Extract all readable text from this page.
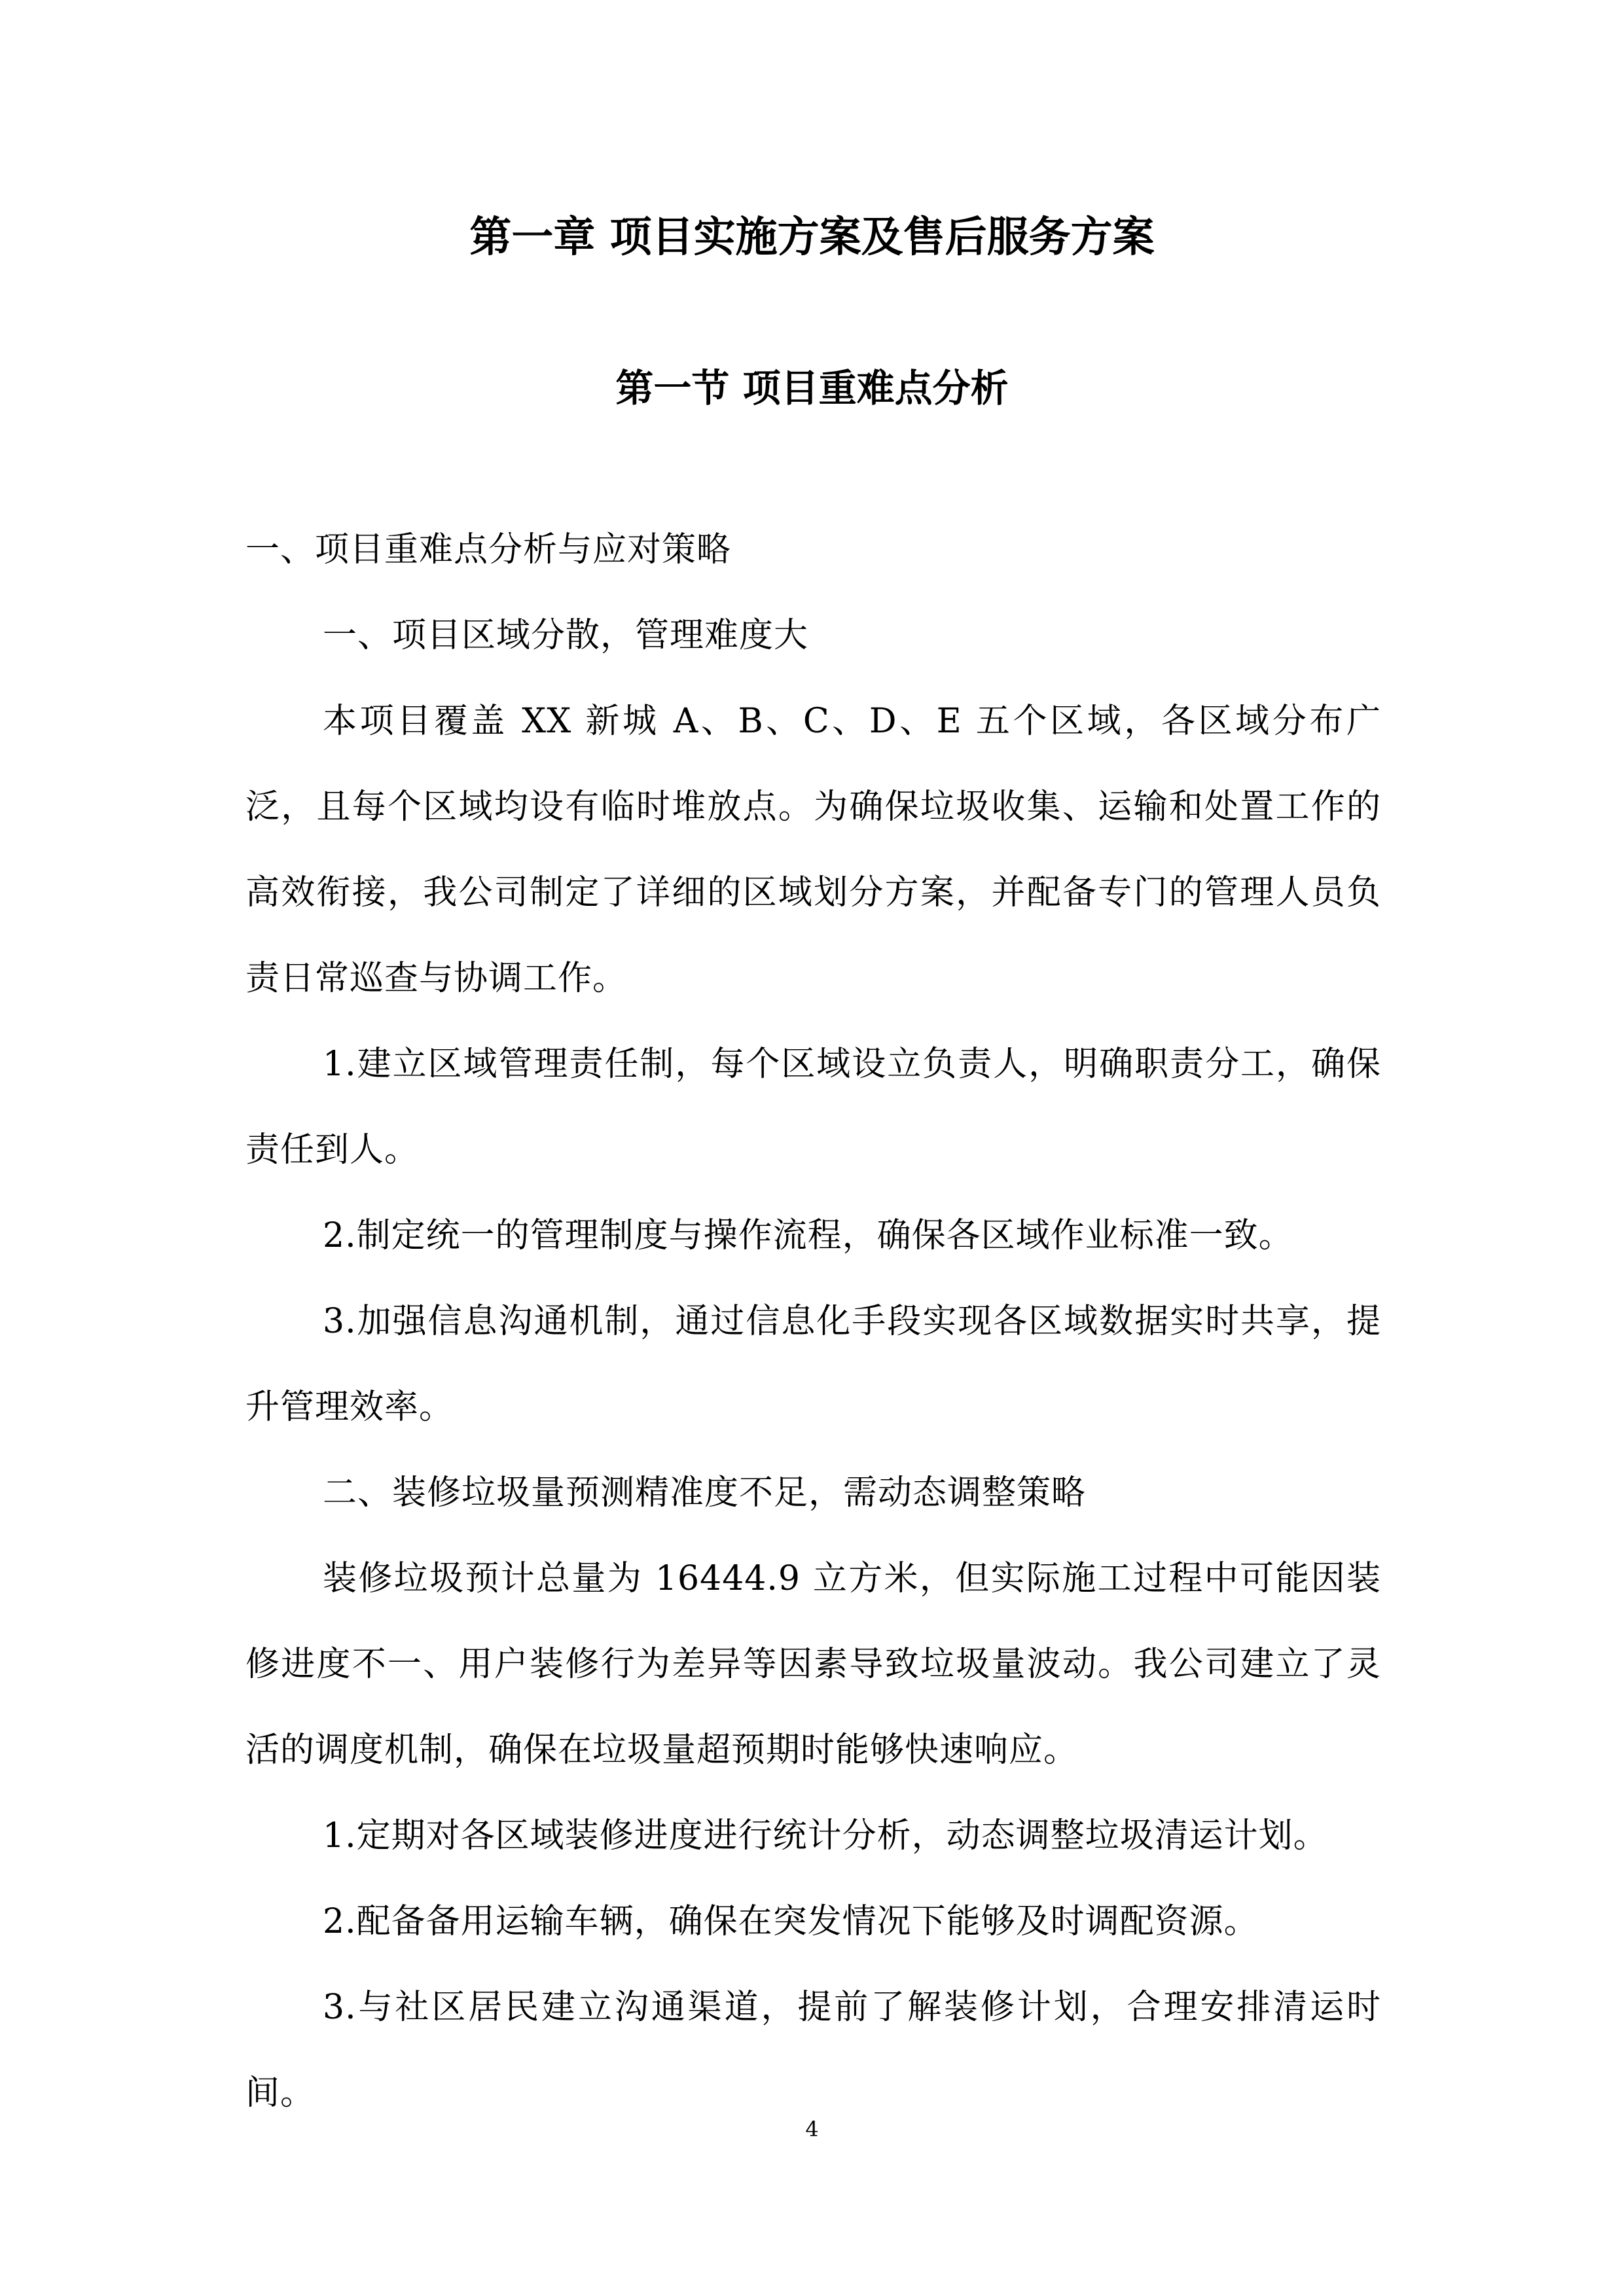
第一章 项目实施方案及售后服务方案
第一节 项目重难点分析

一、项目重难点分析与应对策略

一、项目区域分散，管理难度大

本项目覆盖 XX 新城 A、B、C、D、E 五个区域，各区域分布广泛，且每个区域均设有临时堆放点。为确保垃圾收集、运输和处置工作的高效衔接，我公司制定了详细的区域划分方案，并配备专门的管理人员负责日常巡查与协调工作。

1.建立区域管理责任制，每个区域设立负责人，明确职责分工，确保责任到人。

2.制定统一的管理制度与操作流程，确保各区域作业标准一致。

3.加强信息沟通机制，通过信息化手段实现各区域数据实时共享，提升管理效率。

二、装修垃圾量预测精准度不足，需动态调整策略

装修垃圾预计总量为 16444.9 立方米，但实际施工过程中可能因装修进度不一、用户装修行为差异等因素导致垃圾量波动。我公司建立了灵活的调度机制，确保在垃圾量超预期时能够快速响应。

1.定期对各区域装修进度进行统计分析，动态调整垃圾清运计划。

2.配备备用运输车辆，确保在突发情况下能够及时调配资源。

3.与社区居民建立沟通渠道，提前了解装修计划，合理安排清运时间。

4
